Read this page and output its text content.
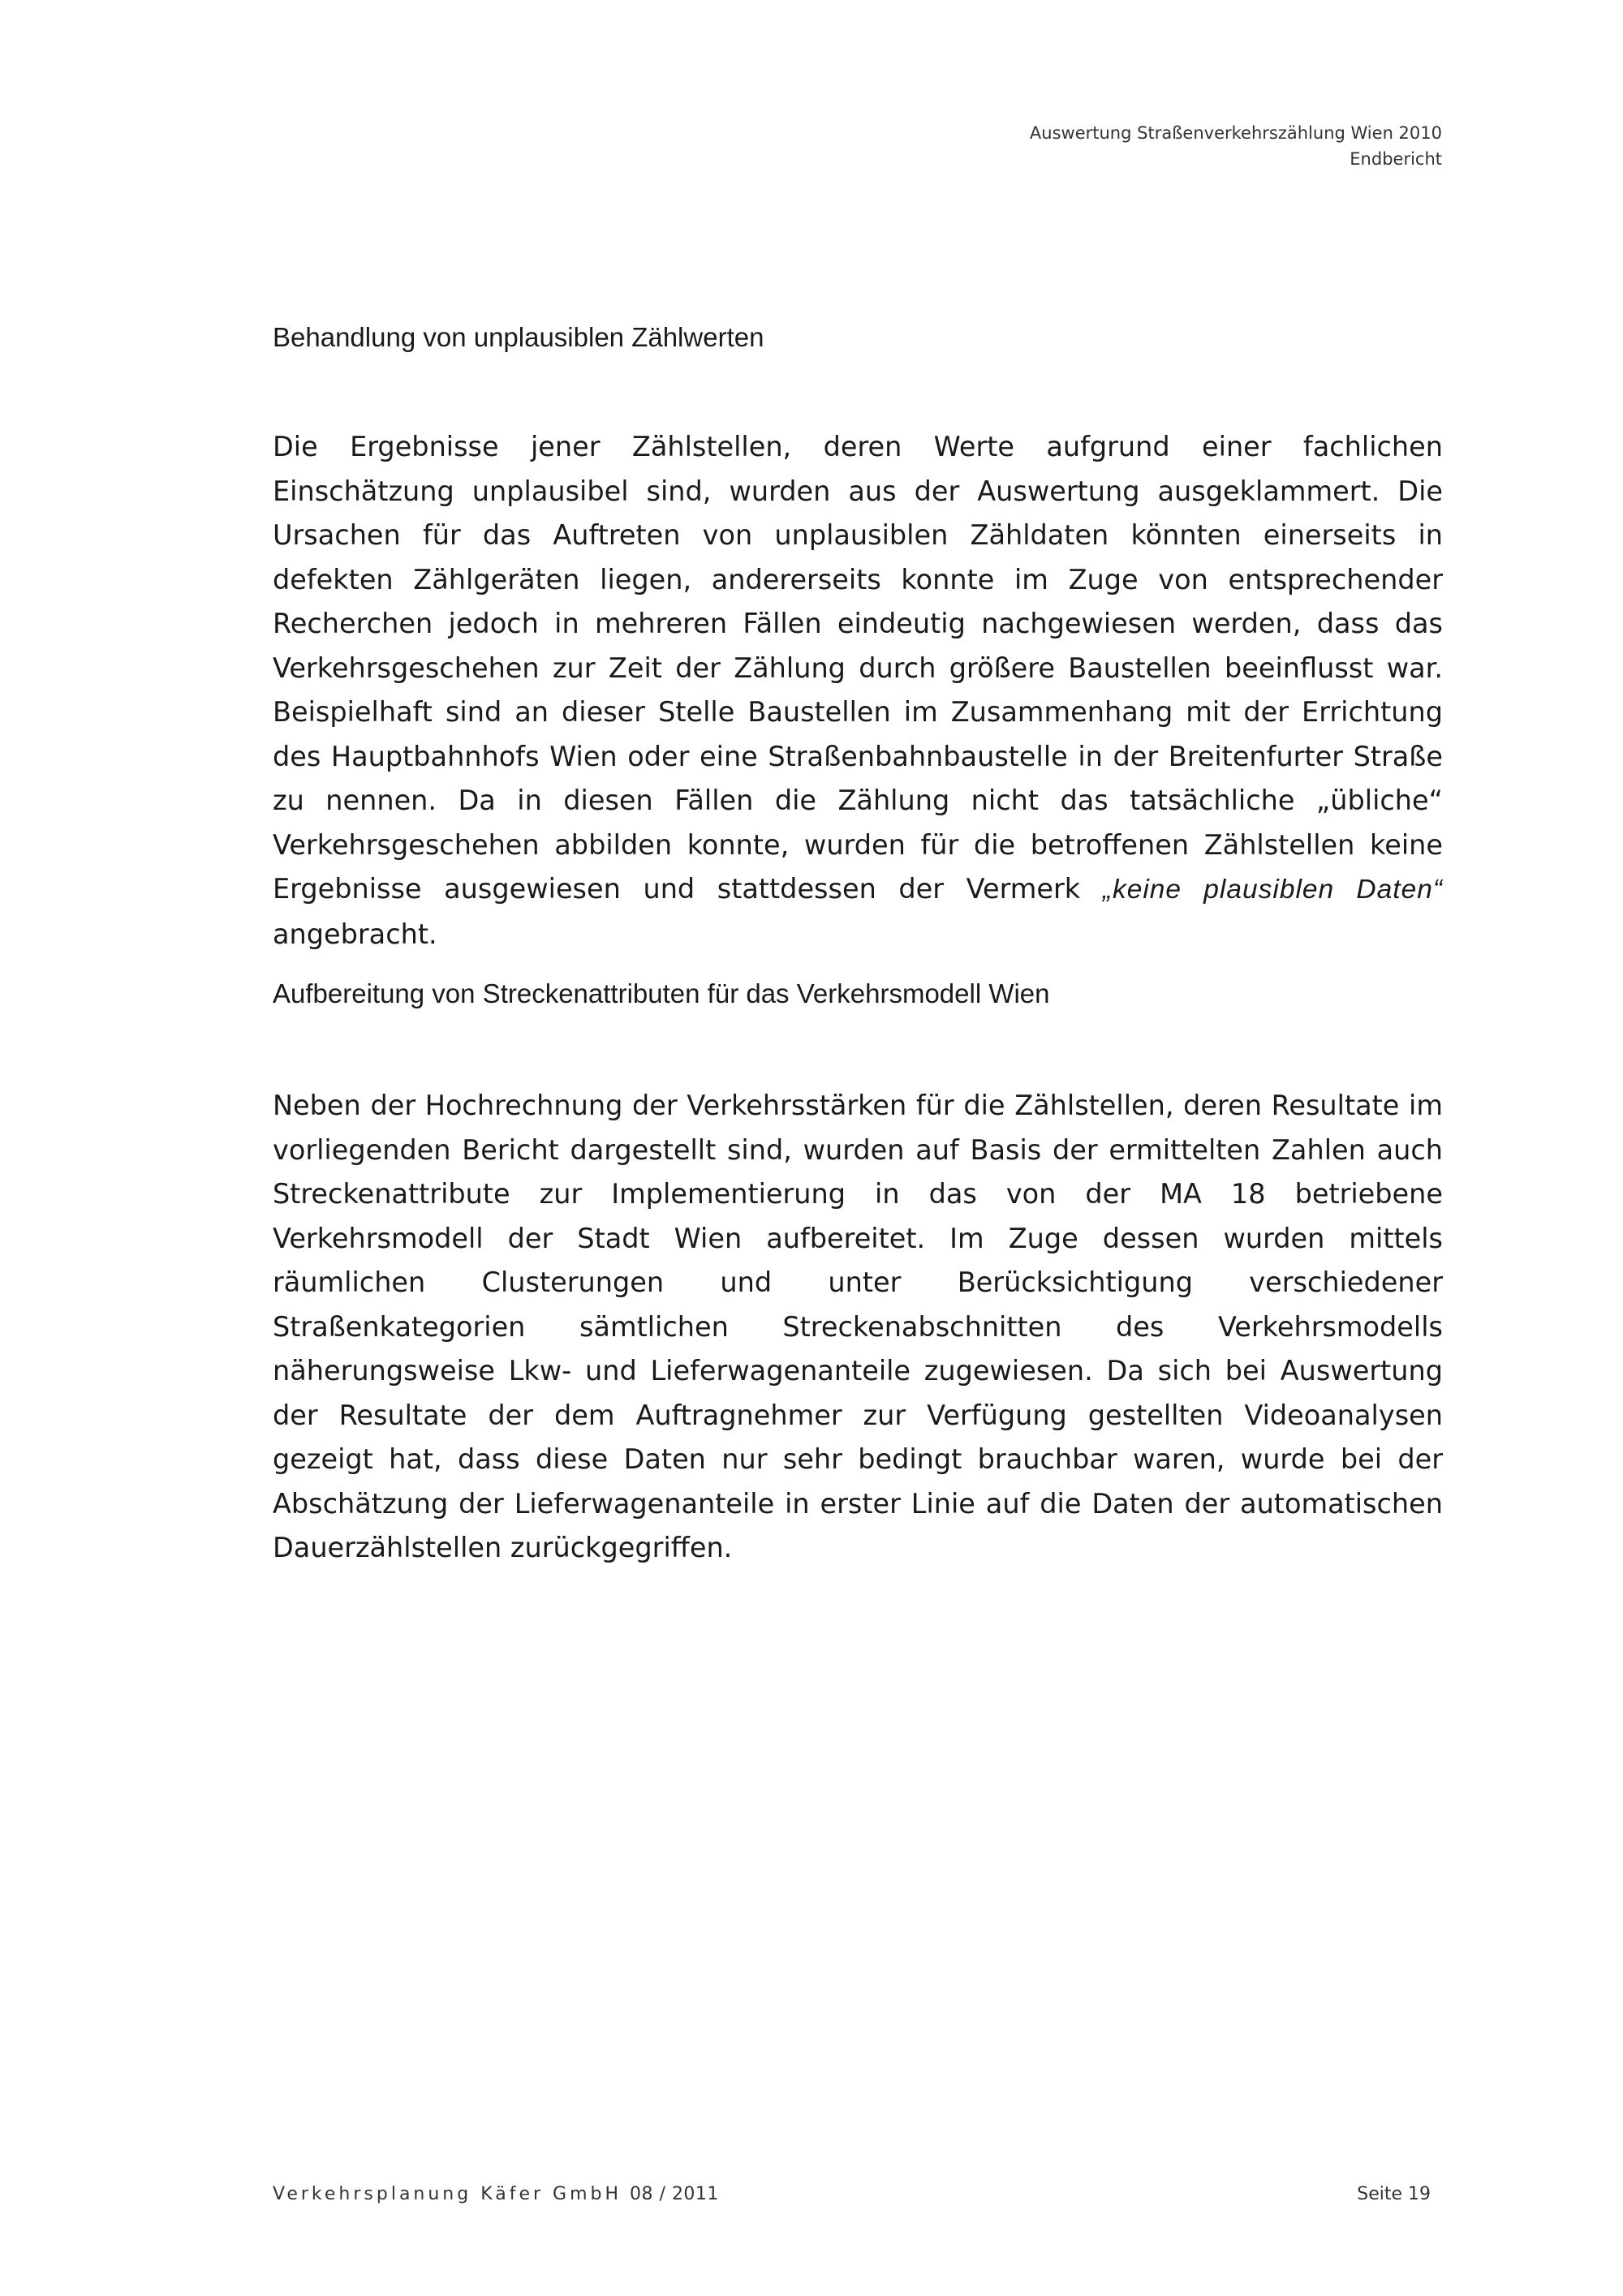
Auswertung Straßenverkehrszählung Wien 2010
Endbericht
Behandlung von unplausiblen Zählwerten

Die Ergebnisse jener Zählstellen, deren Werte aufgrund einer fachlichen Einschätzung unplausibel sind, wurden aus der Auswertung ausgeklammert. Die Ursachen für das Auftreten von unplausiblen Zähldaten könnten einerseits in defekten Zählgeräten liegen, andererseits konnte im Zuge von entsprechender Recherchen jedoch in mehreren Fällen eindeutig nachgewiesen werden, dass das Verkehrsgeschehen zur Zeit der Zählung durch größere Baustellen beeinflusst war. Beispielhaft sind an dieser Stelle Baustellen im Zusammenhang mit der Errichtung des Hauptbahnhofs Wien oder eine Straßenbahnbaustelle in der Breitenfurter Straße zu nennen. Da in diesen Fällen die Zählung nicht das tatsächliche „übliche“ Verkehrsgeschehen abbilden konnte, wurden für die betroffenen Zählstellen keine Ergebnisse ausgewiesen und stattdessen der Vermerk „keine plausiblen Daten“ angebracht.

Aufbereitung von Streckenattributen für das Verkehrsmodell Wien

Neben der Hochrechnung der Verkehrsstärken für die Zählstellen, deren Resultate im vorliegenden Bericht dargestellt sind, wurden auf Basis der ermittelten Zahlen auch Streckenattribute zur Implementierung in das von der MA 18 betriebene Verkehrsmodell der Stadt Wien aufbereitet. Im Zuge dessen wurden mittels räumlichen Clusterungen und unter Berücksichtigung verschiedener Straßenkategorien sämtlichen Streckenabschnitten des Verkehrsmodells näherungsweise Lkw- und Lieferwagenanteile zugewiesen. Da sich bei Auswertung der Resultate der dem Auftragnehmer zur Verfügung gestellten Videoanalysen gezeigt hat, dass diese Daten nur sehr bedingt brauchbar waren, wurde bei der Abschätzung der Lieferwagenanteile in erster Linie auf die Daten der automatischen Dauerzählstellen zurückgegriffen.

Verkehrsplanung Käfer GmbH 08 / 2011	Seite 19
